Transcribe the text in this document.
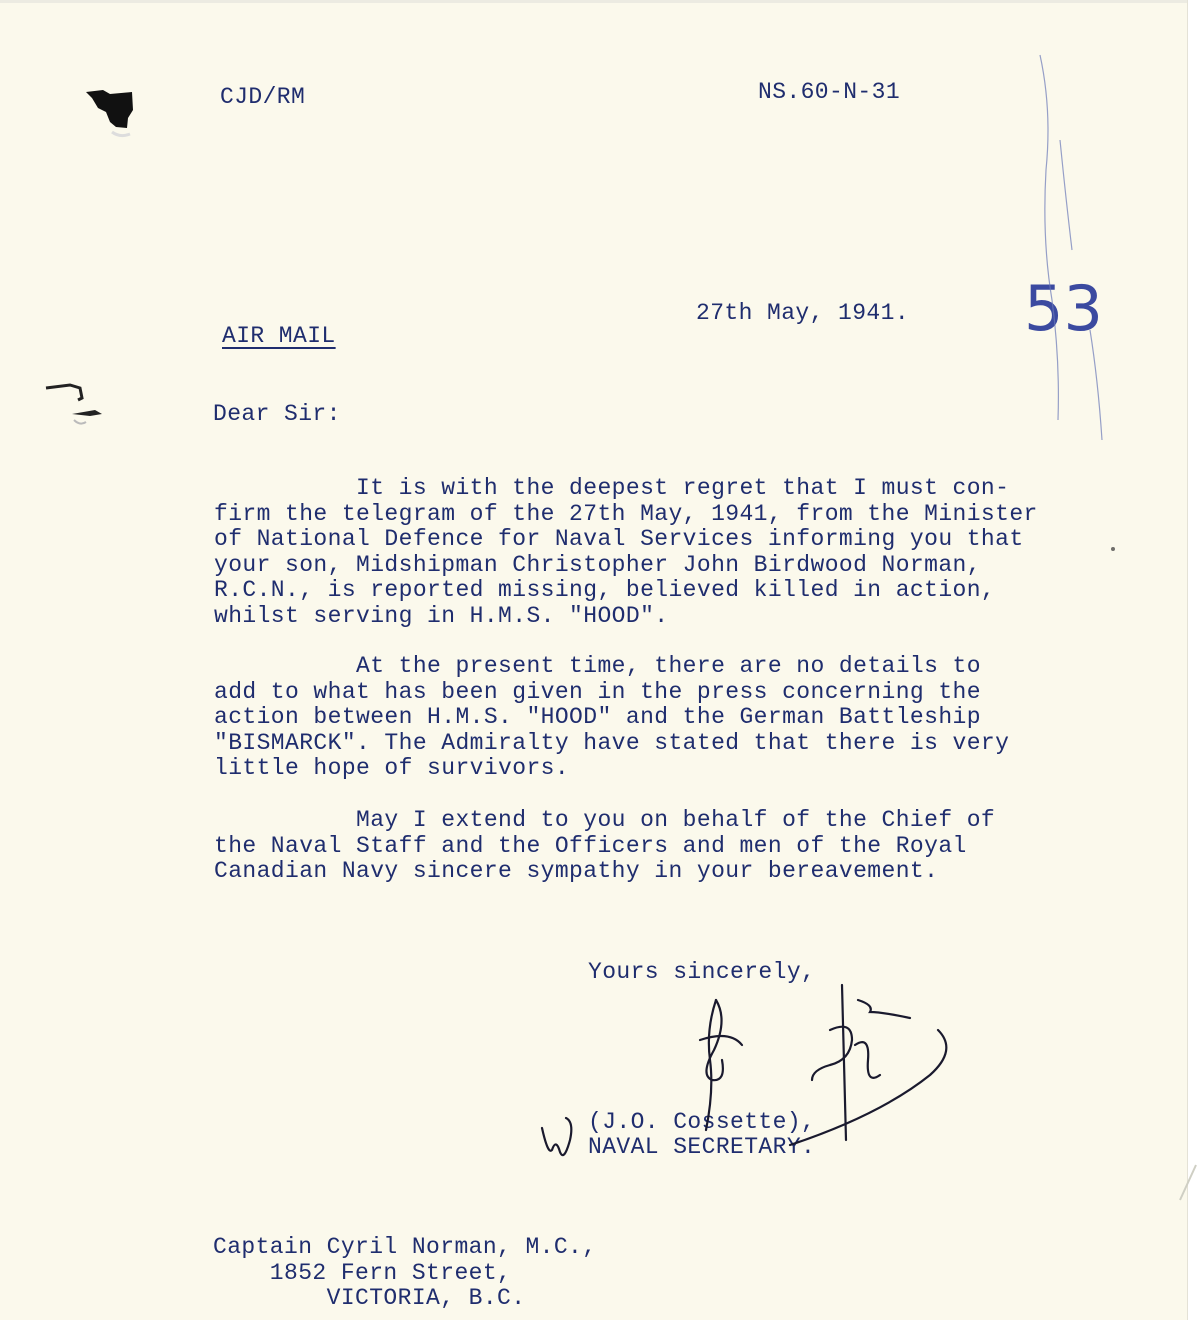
CJD/RM	NS.60-N-31
53
27th May, 1941.
AIR MAIL
Dear Sir:
It is with the deepest regret that I must con-
firm the telegram of the 27th May, 1941, from the Minister
of National Defence for Naval Services informing you that
your son, Midshipman Christopher John Birdwood Norman,
R.C.N., is reported missing, believed killed in action,
whilst serving in H.M.S. "HOOD".
At the present time, there are no details to
add to what has been given in the press concerning the
action between H.M.S. "HOOD" and the German Battleship
"BISMARCK". The Admiralty have stated that there is very
little hope of survivors.
May I extend to you on behalf of the Chief of
the Naval Staff and the Officers and men of the Royal
Canadian Navy sincere sympathy in your bereavement.
Yours sincerely,
(J.O. Cossette),
NAVAL SECRETARY.
Captain Cyril Norman, M.C.,
1852 Fern Street,
VICTORIA, B.C.
